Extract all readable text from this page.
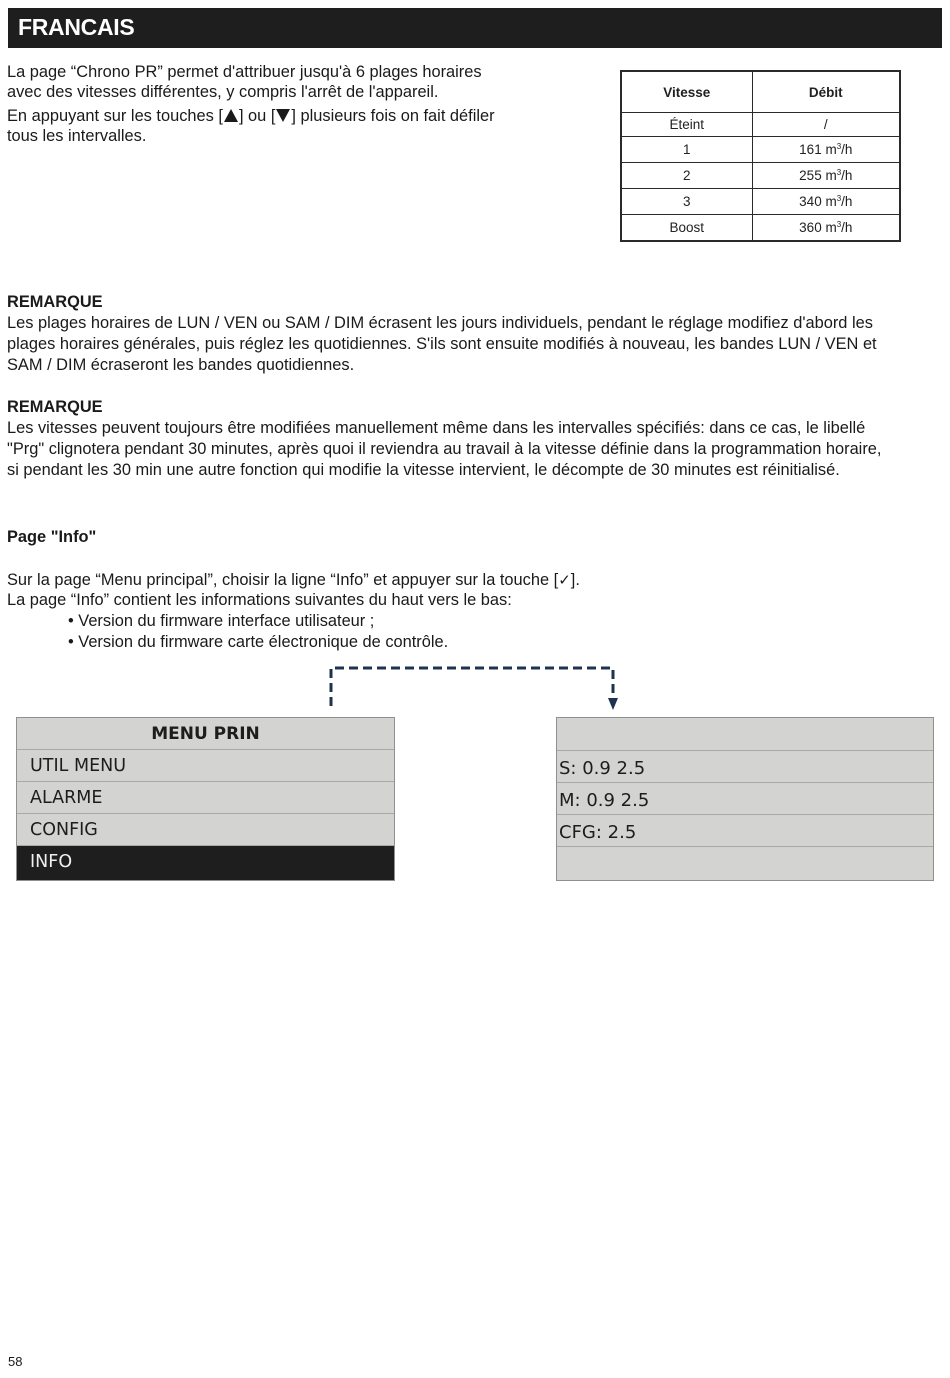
FRANCAIS

La page “Chrono PR” permet d'attribuer jusqu'à 6 plages horaires

avec des vitesses différentes, y compris l'arrêt de l'appareil.

En appuyant sur les touches [ ] ou [ ] plusieurs fois on fait défiler

tous les intervalles.

Vitesse	Débit
Éteint	/
1	161 $m^3/h$
2	255 $m^3/h$
3	340 $m^3/h$
Boost	360 $m^3/h$

REMARQUE

Les plages horaires de LUN / VEN ou SAM / DIM écrasent les jours individuels, pendant le réglage modifiez d'abord les

plages horaires générales, puis réglez les quotidiennes. S'ils sont ensuite modifiés à nouveau, les bandes LUN / VEN et

SAM / DIM écraseront les bandes quotidiennes.

REMARQUE

Les vitesses peuvent toujours être modifiées manuellement même dans les intervalles spécifiés: dans ce cas, le libellé

"Prg" clignotera pendant 30 minutes, après quoi il reviendra au travail à la vitesse définie dans la programmation horaire,

si pendant les 30 min une autre fonction qui modifie la vitesse intervient, le décompte de 30 minutes est réinitialisé.

Page "Info"

Sur la page “Menu principal”, choisir la ligne “Info” et appuyer sur la touche [✓].

La page “Info” contient les informations suivantes du haut vers le bas:

• Version du firmware interface utilisateur ;
• Version du firmware carte électronique de contrôle.
MENU PRIN
UTIL MENU
ALARME
CONFIG
INFO
S: 0.9 2.5
M: 0.9 2.5
CFG: 2.5
58
